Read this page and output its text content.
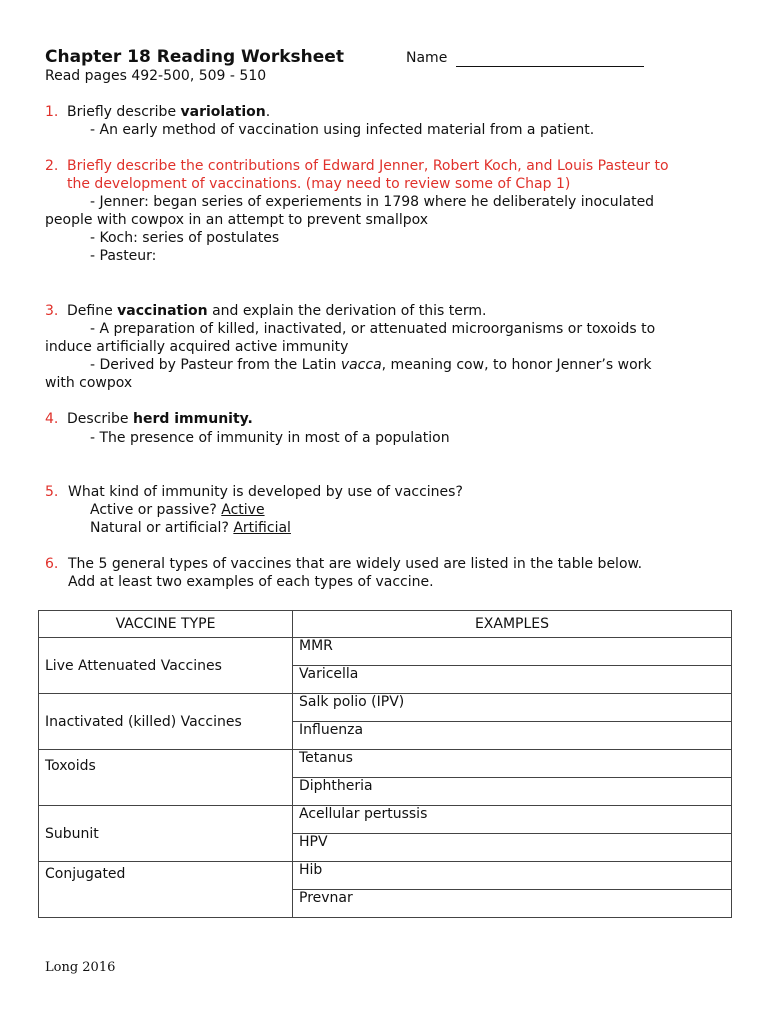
Chapter 18 Reading Worksheet	Name
Read pages 492-500, 509 - 510
1. Briefly describe variolation.
- An early method of vaccination using infected material from a patient.
2. Briefly describe the contributions of Edward Jenner, Robert Koch, and Louis Pasteur to
the development of vaccinations. (may need to review some of Chap 1)
- Jenner: began series of experiements in 1798 where he deliberately inoculated
people with cowpox in an attempt to prevent smallpox
- Koch: series of postulates
- Pasteur:
3. Define vaccination and explain the derivation of this term.
- A preparation of killed, inactivated, or attenuated microorganisms or toxoids to
induce artificially acquired active immunity
- Derived by Pasteur from the Latin vacca, meaning cow, to honor Jenner’s work
with cowpox
4. Describe herd immunity.
- The presence of immunity in most of a population
5. What kind of immunity is developed by use of vaccines?
Active or passive? Active
Natural or artificial? Artificial
6. The 5 general types of vaccines that are widely used are listed in the table below.
Add at least two examples of each types of vaccine.
VACCINE TYPE	EXAMPLES
Live Attenuated Vaccines	MMR
	Varicella
Inactivated (killed) Vaccines	Salk polio (IPV)
	Influenza
Toxoids	Tetanus
	Diphtheria
Subunit	Acellular pertussis
	HPV
Conjugated	Hib
	Prevnar
Long 2016
